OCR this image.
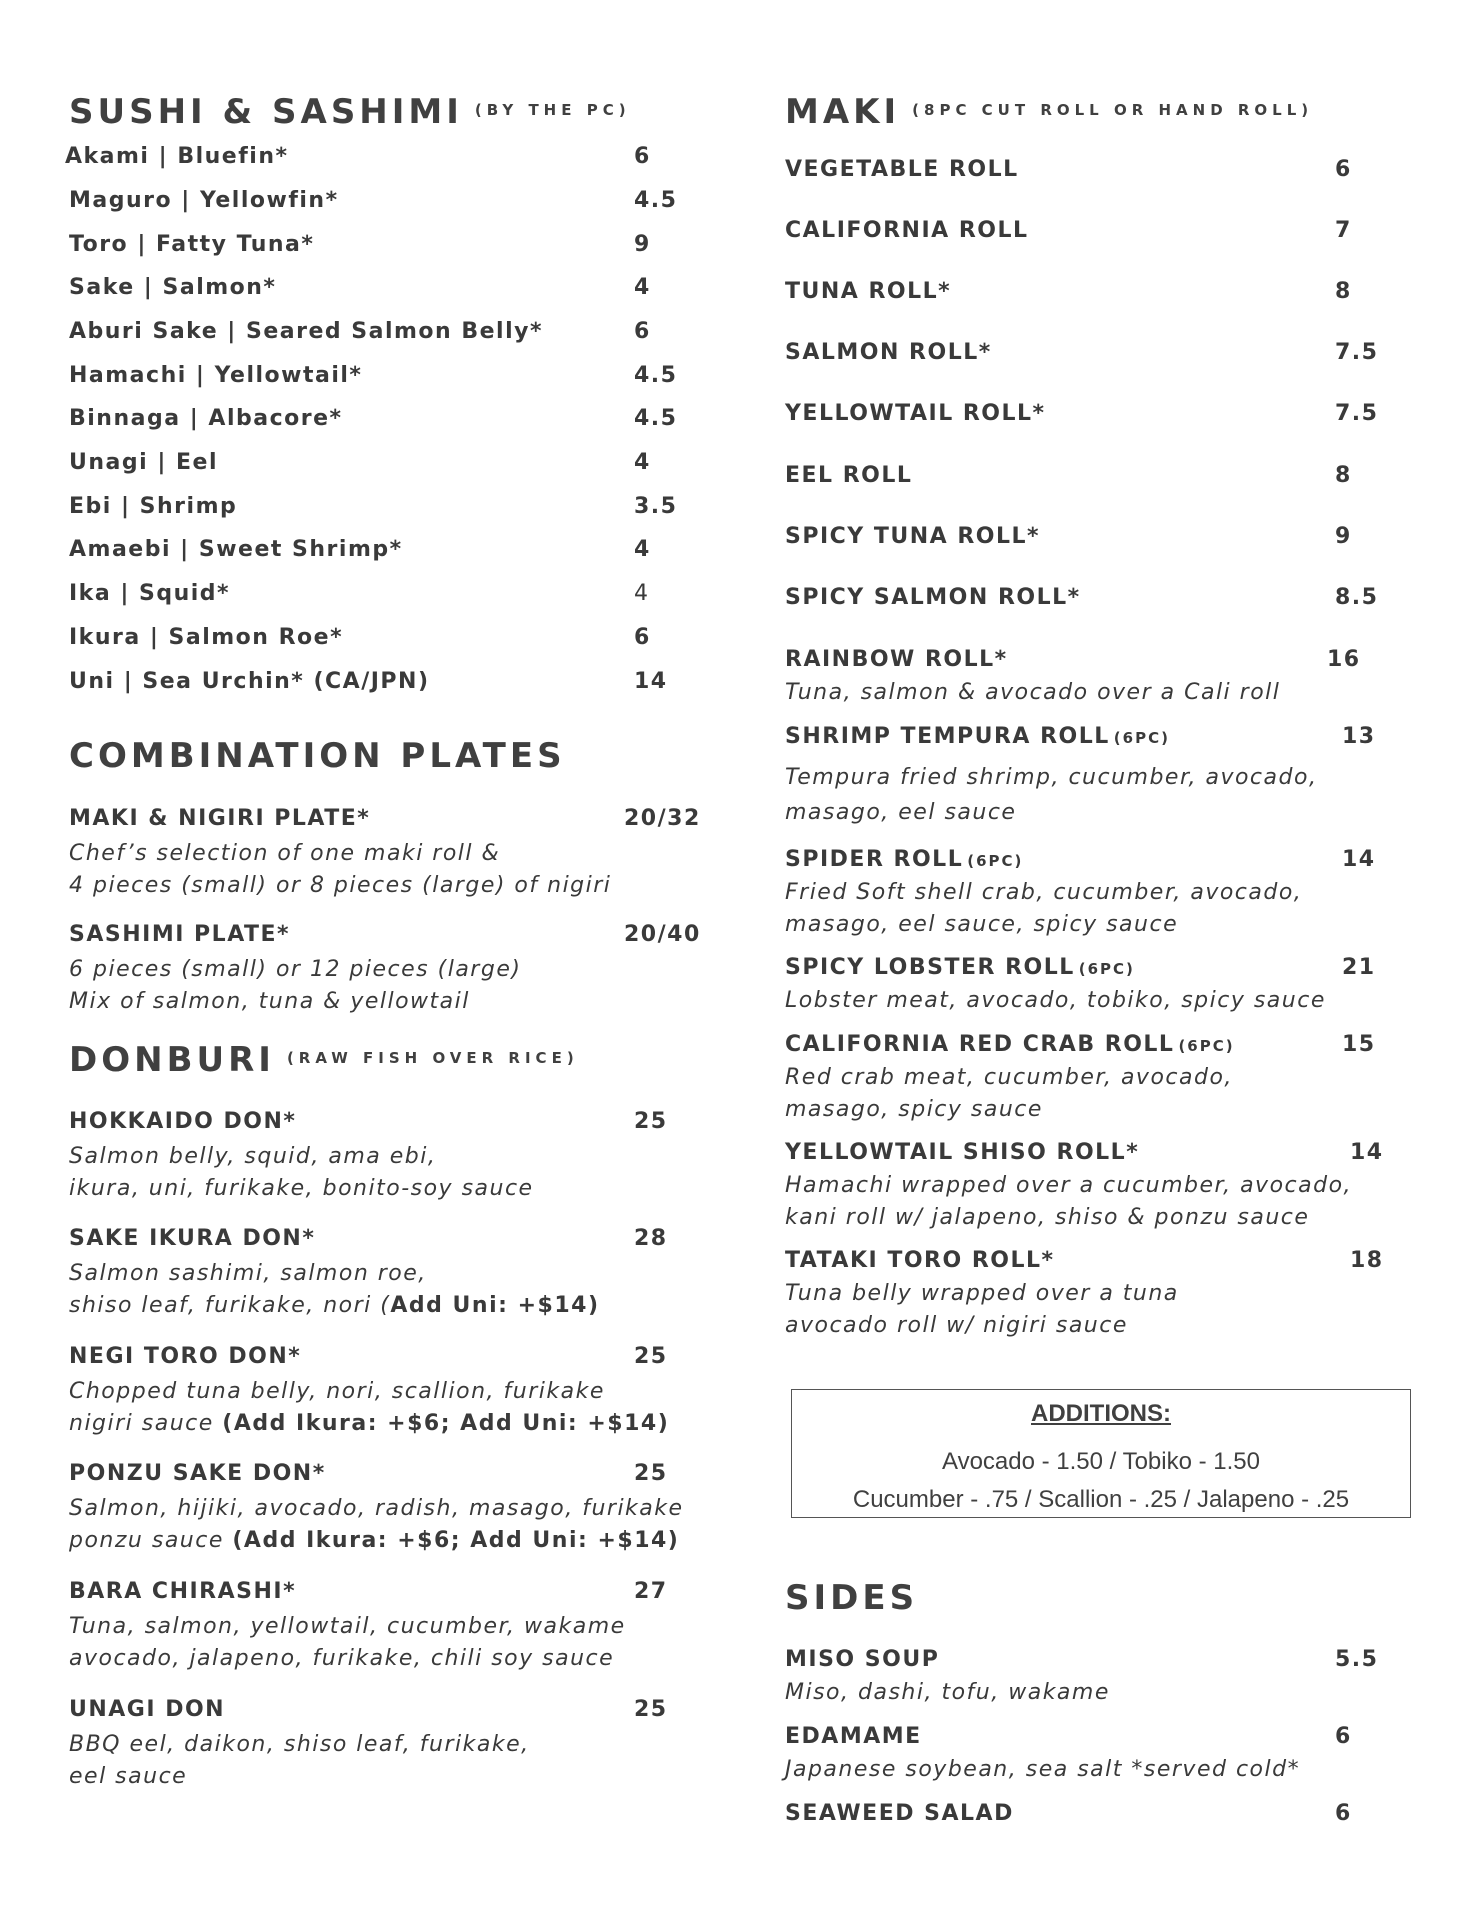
SUSHI & SASHIMI $^{(BY THE PC)}$
Akami | Bluefin*	6
Maguro | Yellowfin*	4.5
Toro | Fatty Tuna*	9
Sake | Salmon*	4
Aburi Sake | Seared Salmon Belly*	6
Hamachi | Yellowtail*	4.5
Binnaga | Albacore*	4.5
Unagi | Eel	4
Ebi | Shrimp	3.5
Amaebi | Sweet Shrimp*	4
Ika | Squid*	4
Ikura | Salmon Roe*	6
Uni | Sea Urchin* (CA/JPN)	14
COMBINATION PLATES
MAKI & NIGIRI PLATE*	20/32
Chef’s selection of one maki roll &
4 pieces (small) or 8 pieces (large) of nigiri
SASHIMI PLATE*	20/40
6 pieces (small) or 12 pieces (large)
Mix of salmon, tuna & yellowtail
DONBURI $^{(RAW FISH OVER RICE)}$
HOKKAIDO DON*	25
Salmon belly, squid, ama ebi,
ikura, uni, furikake, bonito-soy sauce
SAKE IKURA DON*	28
Salmon sashimi, salmon roe,
shiso leaf, furikake, nori (Add Uni: +$14)
NEGI TORO DON*	25
Chopped tuna belly, nori, scallion, furikake
nigiri sauce (Add Ikura: +$6; Add Uni: +$14)
PONZU SAKE DON*	25
Salmon, hijiki, avocado, radish, masago, furikake
ponzu sauce (Add Ikura: +$6; Add Uni: +$14)
BARA CHIRASHI*	27
Tuna, salmon, yellowtail, cucumber, wakame
avocado, jalapeno, furikake, chili soy sauce
UNAGI DON	25
BBQ eel, daikon, shiso leaf, furikake,
eel sauce
MAKI $^{(8PC CUT ROLL OR HAND ROLL)}$
VEGETABLE ROLL	6
CALIFORNIA ROLL	7
TUNA ROLL*	8
SALMON ROLL*	7.5
YELLOWTAIL ROLL*	7.5
EEL ROLL	8
SPICY TUNA ROLL*	9
SPICY SALMON ROLL*	8.5
RAINBOW ROLL*	16
Tuna, salmon & avocado over a Cali roll
SHRIMP TEMPURA ROLL (6PC)	13
Tempura fried shrimp, cucumber, avocado,
masago, eel sauce
SPIDER ROLL (6PC)	14
Fried Soft shell crab, cucumber, avocado,
masago, eel sauce, spicy sauce
SPICY LOBSTER ROLL (6PC)	21
Lobster meat, avocado, tobiko, spicy sauce
CALIFORNIA RED CRAB ROLL (6PC)	15
Red crab meat, cucumber, avocado,
masago, spicy sauce
YELLOWTAIL SHISO ROLL*	14
Hamachi wrapped over a cucumber, avocado,
kani roll w/ jalapeno, shiso & ponzu sauce
TATAKI TORO ROLL*	18
Tuna belly wrapped over a tuna
avocado roll w/ nigiri sauce
SIDES
MISO SOUP	5.5
Miso, dashi, tofu, wakame
EDAMAME	6
Japanese soybean, sea salt *served cold*
SEAWEED SALAD	6
ADDITIONS:
Avocado - 1.50 / Tobiko - 1.50
Cucumber - .75 / Scallion - .25 / Jalapeno - .25
